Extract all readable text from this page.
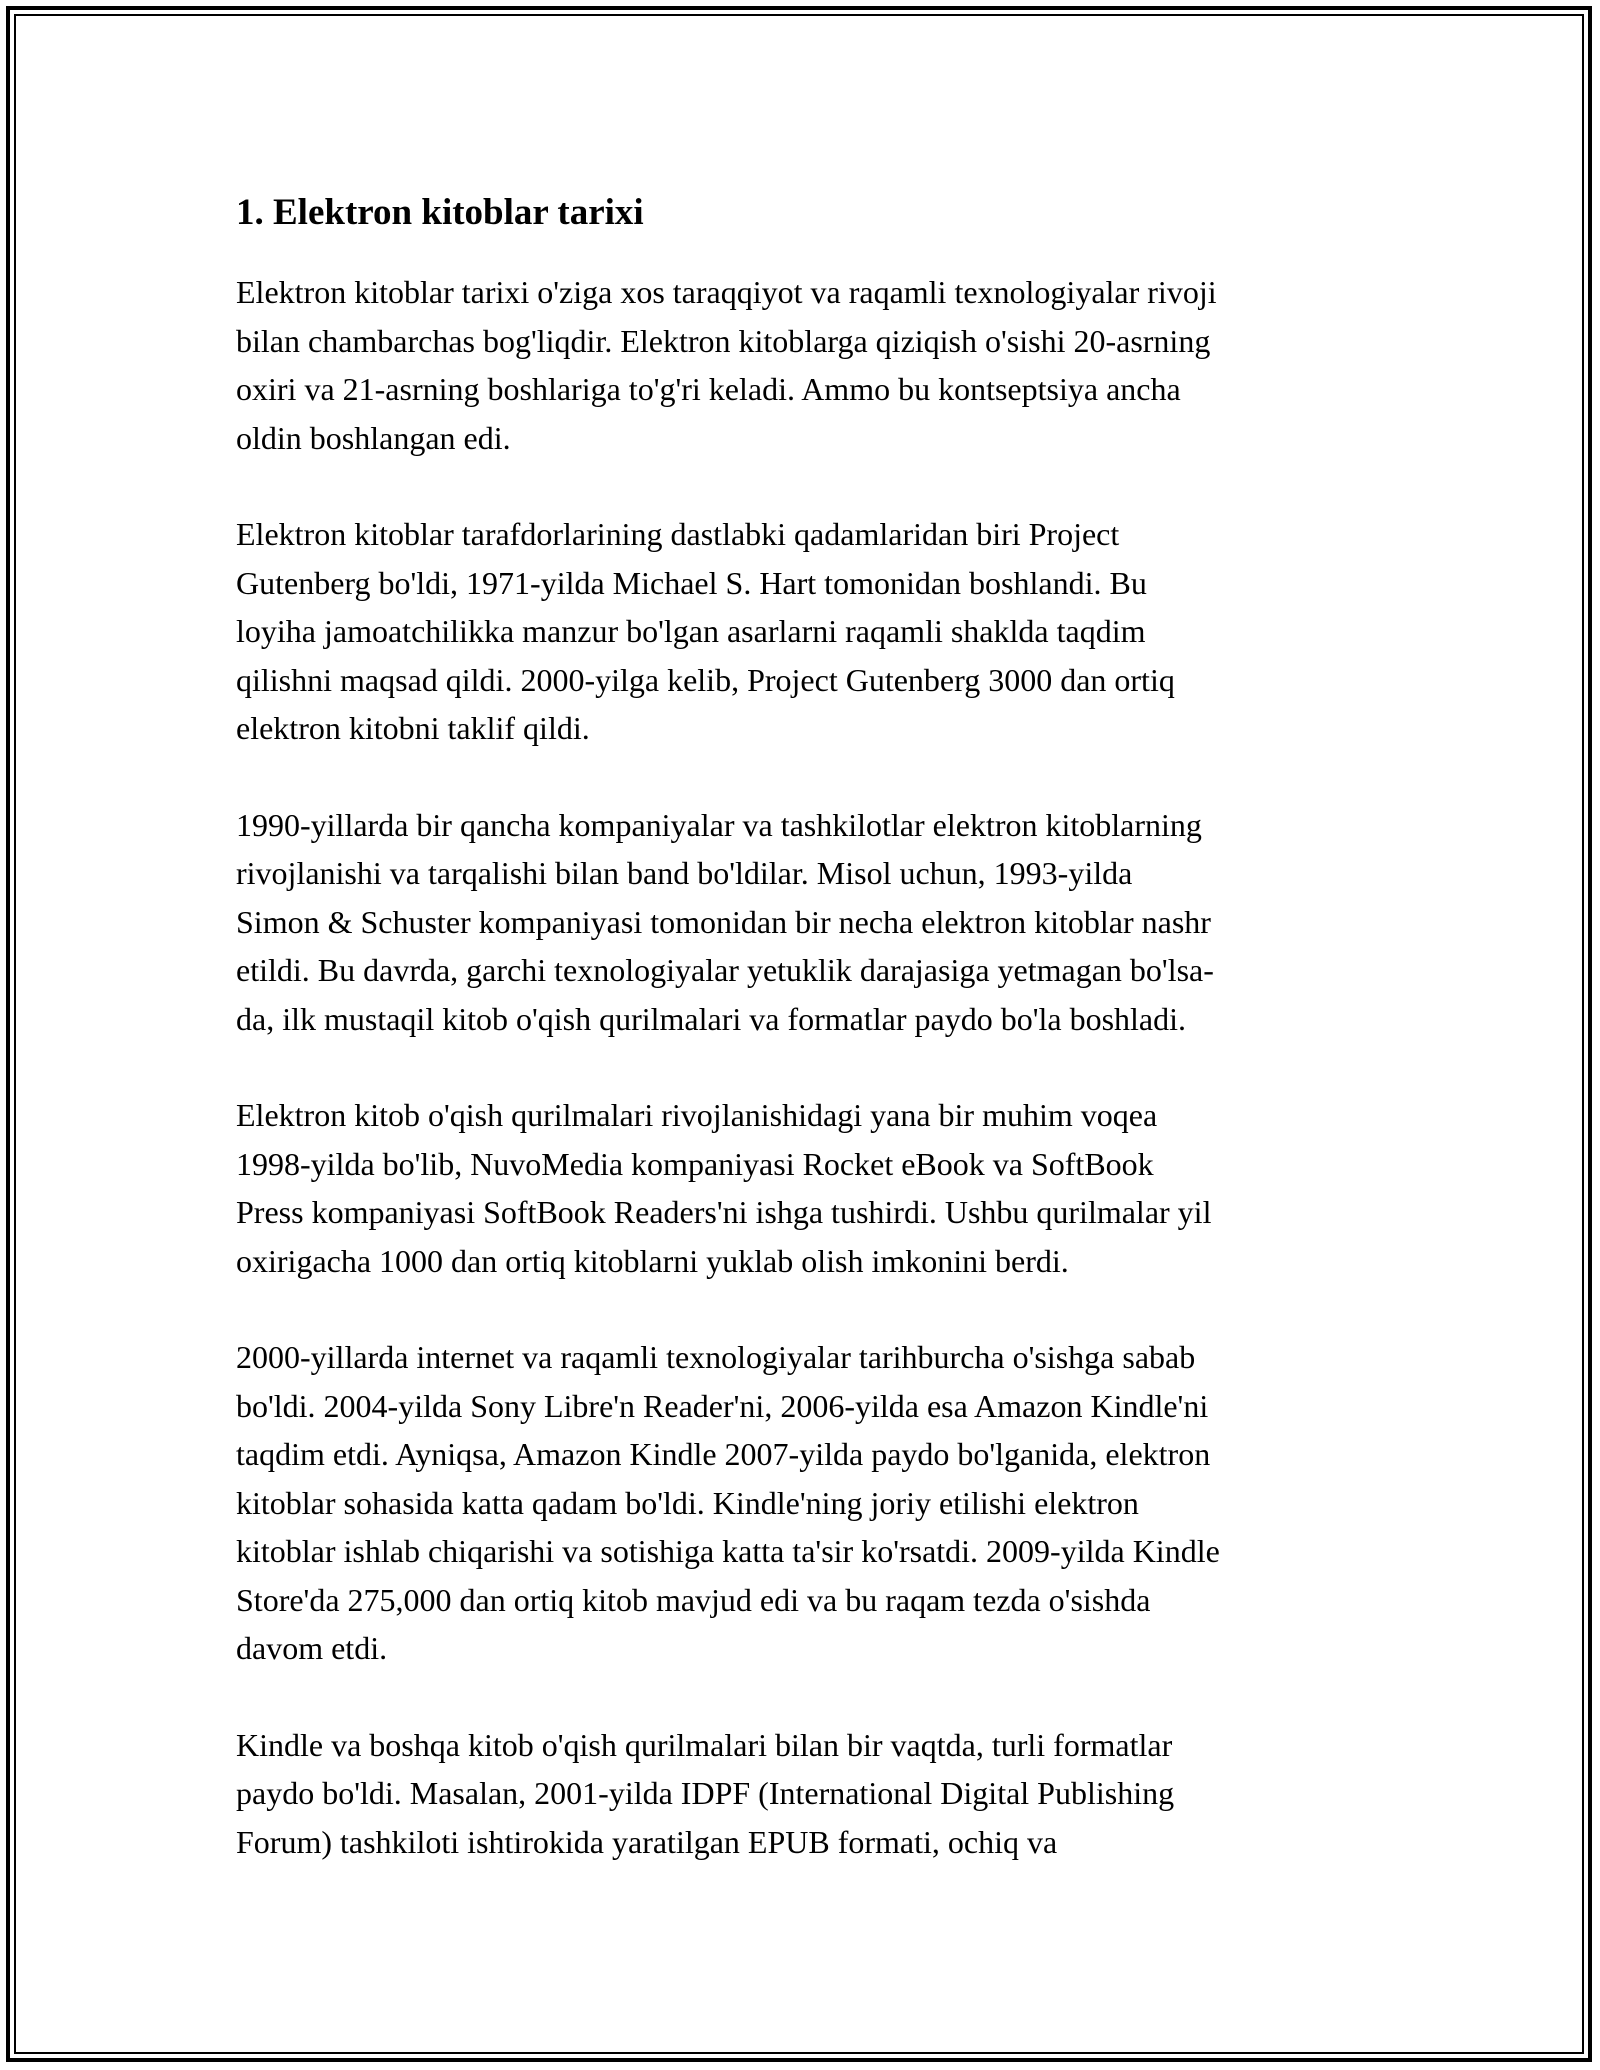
1. Elektron kitoblar tarixi

Elektron kitoblar tarixi o'ziga xos taraqqiyot va raqamli texnologiyalar rivoji
bilan chambarchas bog'liqdir. Elektron kitoblarga qiziqish o'sishi 20-asrning
oxiri va 21-asrning boshlariga to'g'ri keladi. Ammo bu kontseptsiya ancha
oldin boshlangan edi.

Elektron kitoblar tarafdorlarining dastlabki qadamlaridan biri Project
Gutenberg bo'ldi, 1971-yilda Michael S. Hart tomonidan boshlandi. Bu
loyiha jamoatchilikka manzur bo'lgan asarlarni raqamli shaklda taqdim
qilishni maqsad qildi. 2000-yilga kelib, Project Gutenberg 3000 dan ortiq
elektron kitobni taklif qildi.

1990-yillarda bir qancha kompaniyalar va tashkilotlar elektron kitoblarning
rivojlanishi va tarqalishi bilan band bo'ldilar. Misol uchun, 1993-yilda
Simon & Schuster kompaniyasi tomonidan bir necha elektron kitoblar nashr
etildi. Bu davrda, garchi texnologiyalar yetuklik darajasiga yetmagan bo'lsa-
da, ilk mustaqil kitob o'qish qurilmalari va formatlar paydo bo'la boshladi.

Elektron kitob o'qish qurilmalari rivojlanishidagi yana bir muhim voqea
1998-yilda bo'lib, NuvoMedia kompaniyasi Rocket eBook va SoftBook
Press kompaniyasi SoftBook Readers'ni ishga tushirdi. Ushbu qurilmalar yil
oxirigacha 1000 dan ortiq kitoblarni yuklab olish imkonini berdi.

2000-yillarda internet va raqamli texnologiyalar tarihburcha o'sishga sabab
bo'ldi. 2004-yilda Sony Libre'n Reader'ni, 2006-yilda esa Amazon Kindle'ni
taqdim etdi. Ayniqsa, Amazon Kindle 2007-yilda paydo bo'lganida, elektron
kitoblar sohasida katta qadam bo'ldi. Kindle'ning joriy etilishi elektron
kitoblar ishlab chiqarishi va sotishiga katta ta'sir ko'rsatdi. 2009-yilda Kindle
Store'da 275,000 dan ortiq kitob mavjud edi va bu raqam tezda o'sishda
davom etdi.

Kindle va boshqa kitob o'qish qurilmalari bilan bir vaqtda, turli formatlar
paydo bo'ldi. Masalan, 2001-yilda IDPF (International Digital Publishing
Forum) tashkiloti ishtirokida yaratilgan EPUB formati, ochiq va
